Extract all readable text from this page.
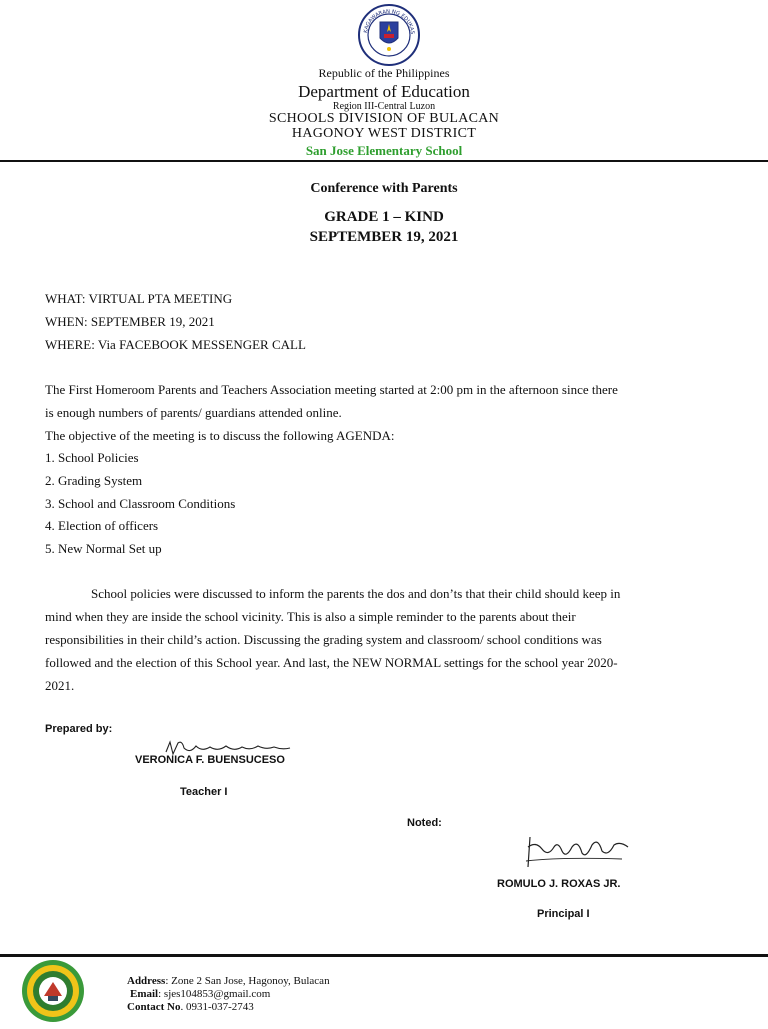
KAGAWARAN NG EDUKAS
Republic of the Philippines
Department of Education
Region III-Central Luzon
SCHOOLS DIVISION OF BULACAN
HAGONOY WEST DISTRICT
San Jose Elementary School
Conference with Parents
GRADE 1 – KIND
SEPTEMBER 19, 2021
WHAT: VIRTUAL PTA MEETING
WHEN: SEPTEMBER 19, 2021
WHERE: Via FACEBOOK MESSENGER CALL
The First Homeroom Parents and Teachers Association meeting started at 2:00 pm in the afternoon since there
is enough numbers of parents/ guardians attended online.
The objective of the meeting is to discuss the following AGENDA:
1. School Policies
2. Grading System
3. School and Classroom Conditions
4. Election of officers
5. New Normal Set up
School policies were discussed to inform the parents the dos and don’ts that their child should keep in
mind when they are inside the school vicinity. This is also a simple reminder to the parents about their
responsibilities in their child’s action. Discussing the grading system and classroom/ school conditions was
followed and the election of this School year. And last, the NEW NORMAL settings for the school year 2020-
2021.
Prepared by:
VERONICA F. BUENSUCESO
Teacher I
Noted:
ROMULO J. ROXAS JR.
Principal I
Address: Zone 2 San Jose, Hagonoy, Bulacan
Email: sjes104853@gmail.com
Contact No. 0931-037-2743
